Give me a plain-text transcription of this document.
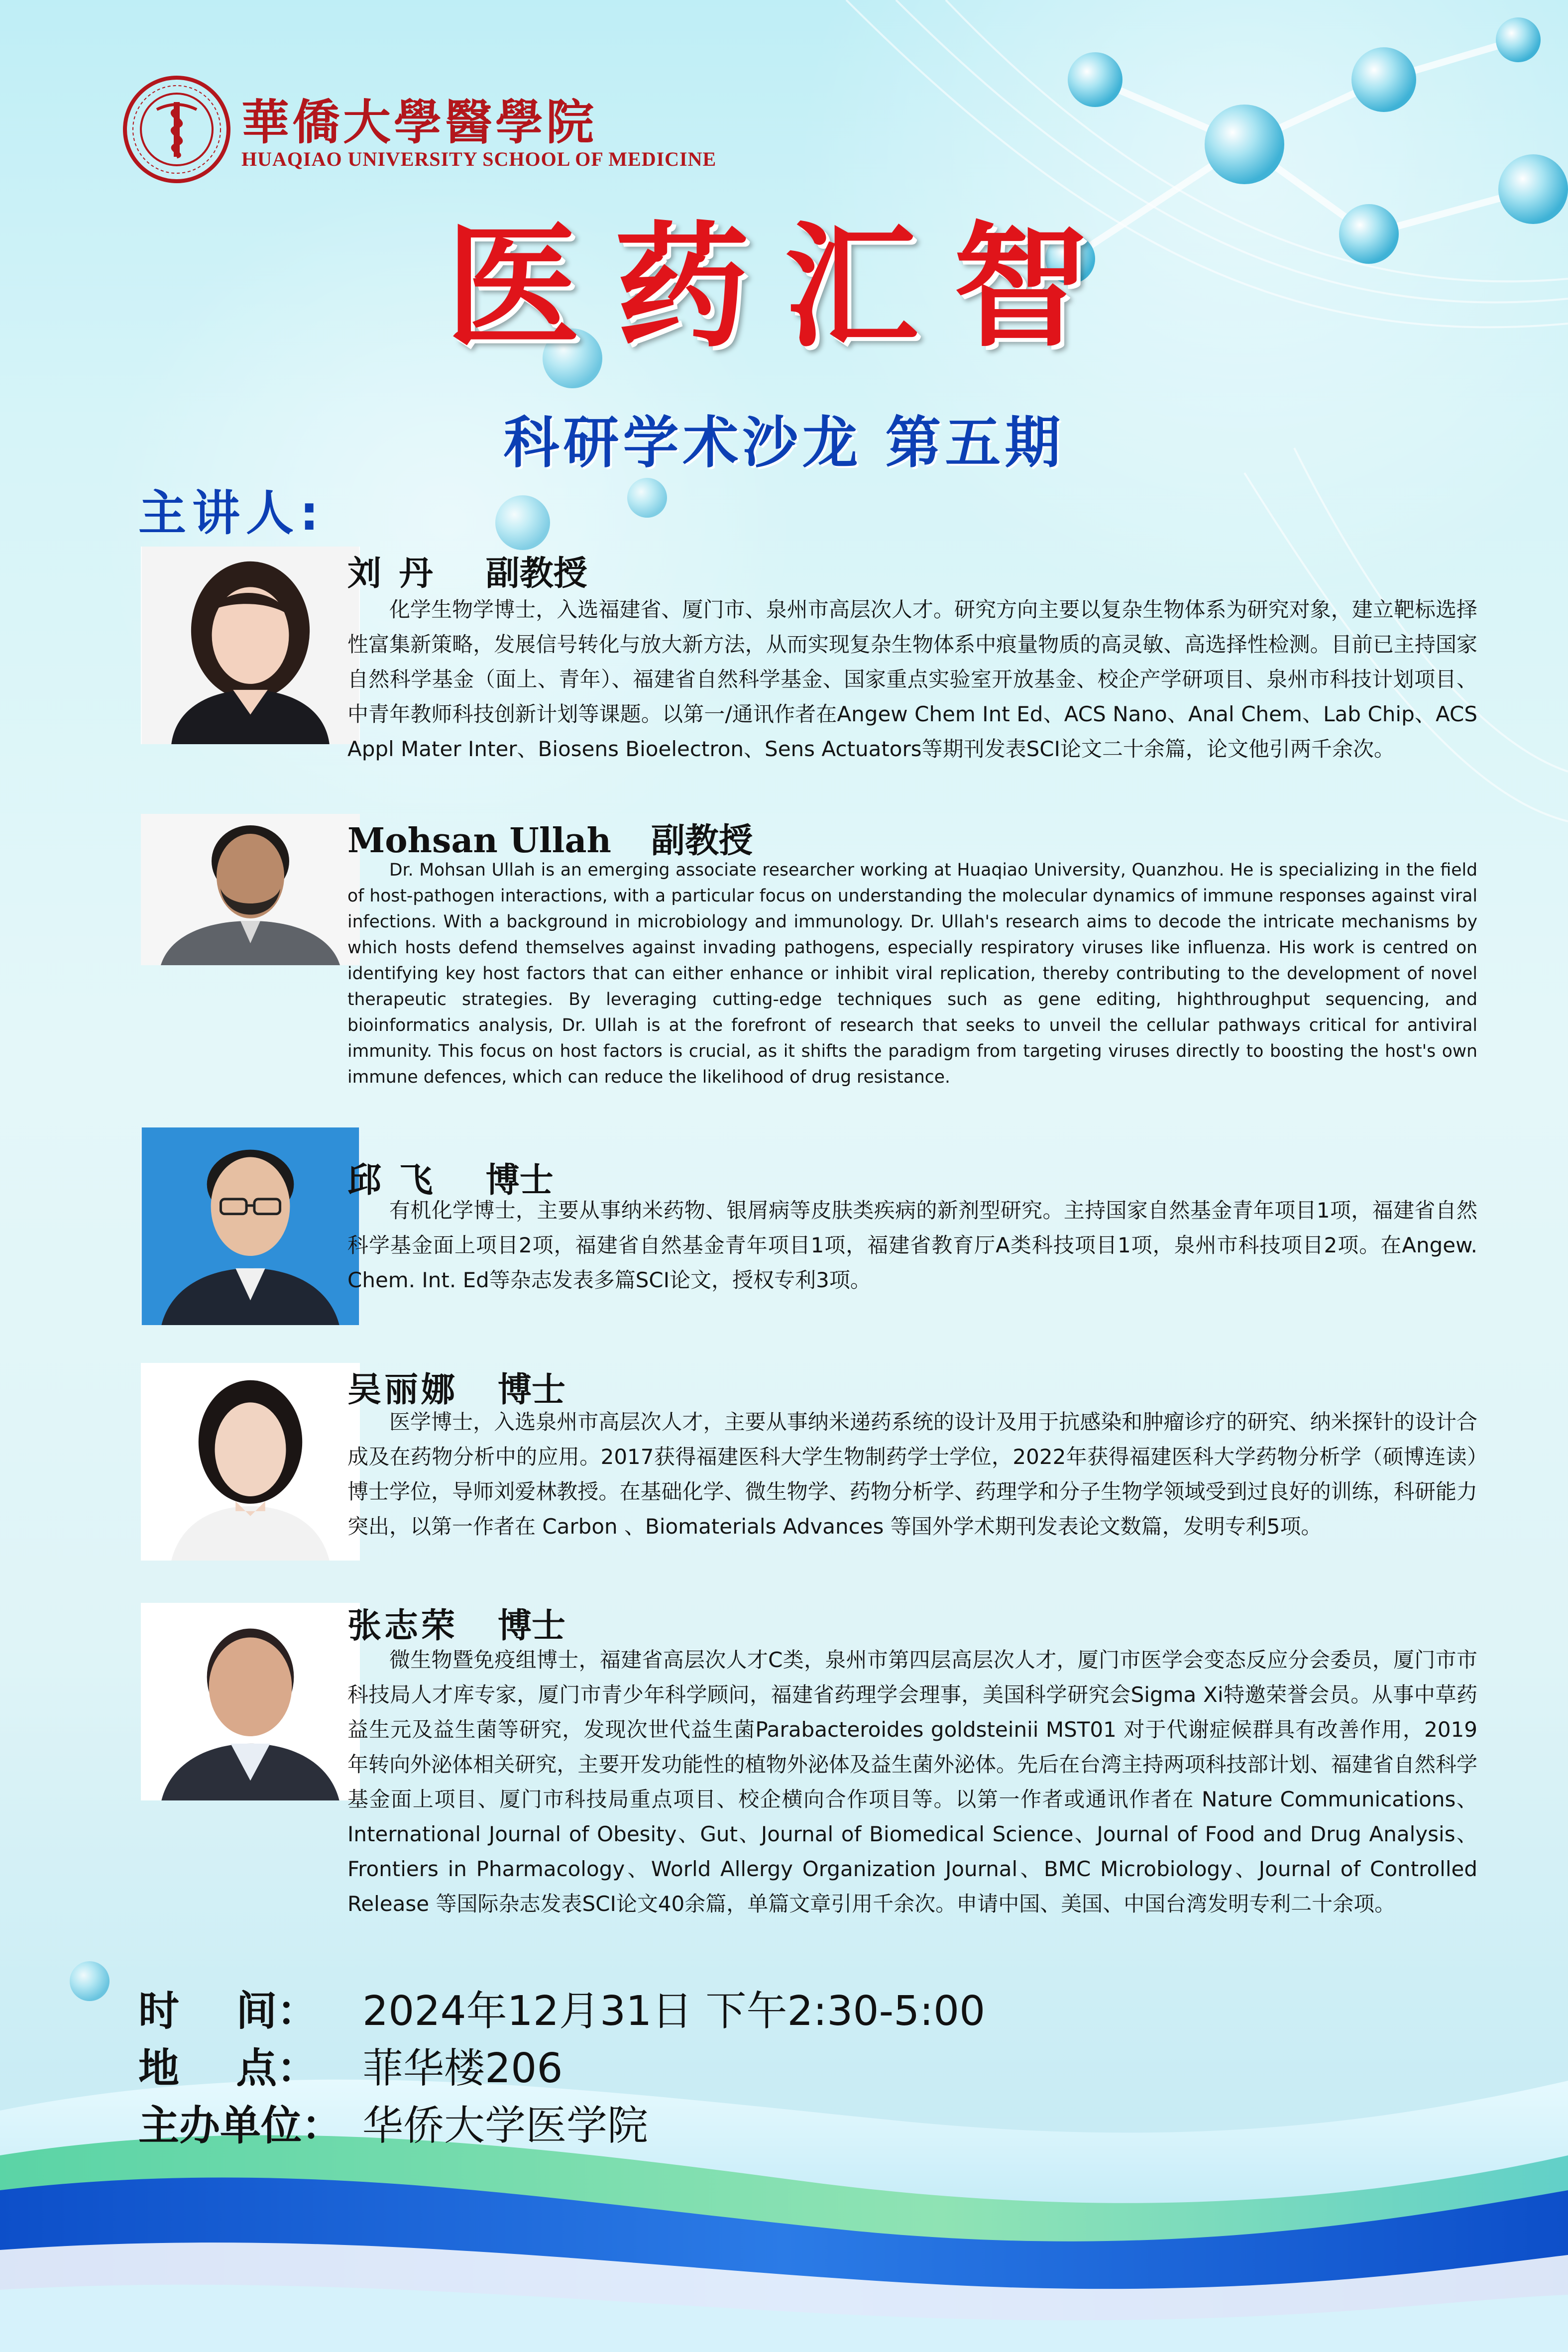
華僑大學醫學院
HUAQIAO UNIVERSITY SCHOOL OF MEDICINE
医药汇智
科研学术沙龙 第五期
主讲人:
刘 丹 副教授
化学生物学博士，入选福建省、厦门市、泉州市高层次人才。研究方向主要以复杂生物体系为研究对象，建立靶标选择性富集新策略，发展信号转化与放大新方法，从而实现复杂生物体系中痕量物质的高灵敏、高选择性检测。目前已主持国家自然科学基金（面上、青年）、福建省自然科学基金、国家重点实验室开放基金、校企产学研项目、泉州市科技计划项目、中青年教师科技创新计划等课题。以第一/通讯作者在Angew Chem Int Ed、ACS Nano、Anal Chem、Lab Chip、ACS Appl Mater Inter、Biosens Bioelectron、Sens Actuators等期刊发表SCI论文二十余篇，论文他引两千余次。
Mohsan Ullah 副教授
Dr. Mohsan Ullah is an emerging associate researcher working at Huaqiao University, Quanzhou. He is specializing in the field of host-pathogen interactions, with a particular focus on understanding the molecular dynamics of immune responses against viral infections. With a background in microbiology and immunology. Dr. Ullah's research aims to decode the intricate mechanisms by which hosts defend themselves against invading pathogens, especially respiratory viruses like influenza. His work is centred on identifying key host factors that can either enhance or inhibit viral replication, thereby contributing to the development of novel therapeutic strategies. By leveraging cutting-edge techniques such as gene editing, highthroughput sequencing, and bioinformatics analysis, Dr. Ullah is at the forefront of research that seeks to unveil the cellular pathways critical for antiviral immunity. This focus on host factors is crucial, as it shifts the paradigm from targeting viruses directly to boosting the host's own immune defences, which can reduce the likelihood of drug resistance.
邱 飞 博士
有机化学博士，主要从事纳米药物、银屑病等皮肤类疾病的新剂型研究。主持国家自然基金青年项目1项，福建省自然科学基金面上项目2项，福建省自然基金青年项目1项，福建省教育厅A类科技项目1项，泉州市科技项目2项。在Angew. Chem. Int. Ed等杂志发表多篇SCI论文，授权专利3项。
吴丽娜 博士
医学博士，入选泉州市高层次人才，主要从事纳米递药系统的设计及用于抗感染和肿瘤诊疗的研究、纳米探针的设计合成及在药物分析中的应用。2017获得福建医科大学生物制药学士学位，2022年获得福建医科大学药物分析学（硕博连读）博士学位，导师刘爱林教授。在基础化学、微生物学、药物分析学、药理学和分子生物学领域受到过良好的训练，科研能力突出，以第一作者在 Carbon 、Biomaterials Advances 等国外学术期刊发表论文数篇，发明专利5项。
张志荣 博士
微生物暨免疫组博士，福建省高层次人才C类，泉州市第四层高层次人才，厦门市医学会变态反应分会委员，厦门市市科技局人才库专家，厦门市青少年科学顾问，福建省药理学会理事，美国科学研究会Sigma Xi特邀荣誉会员。从事中草药益生元及益生菌等研究，发现次世代益生菌Parabacteroides goldsteinii MST01 对于代谢症候群具有改善作用，2019年转向外泌体相关研究，主要开发功能性的植物外泌体及益生菌外泌体。先后在台湾主持两项科技部计划、福建省自然科学基金面上项目、厦门市科技局重点项目、校企横向合作项目等。以第一作者或通讯作者在 Nature Communications、International Journal of Obesity、Gut、Journal of Biomedical Science、Journal of Food and Drug Analysis、Frontiers in Pharmacology、World Allergy Organization Journal、BMC Microbiology、Journal of Controlled Release 等国际杂志发表SCI论文40余篇，单篇文章引用千余次。申请中国、美国、中国台湾发明专利二十余项。
时    间： 2024年12月31日 下午2:30-5:00
地    点： 菲华楼206
主办单位： 华侨大学医学院
